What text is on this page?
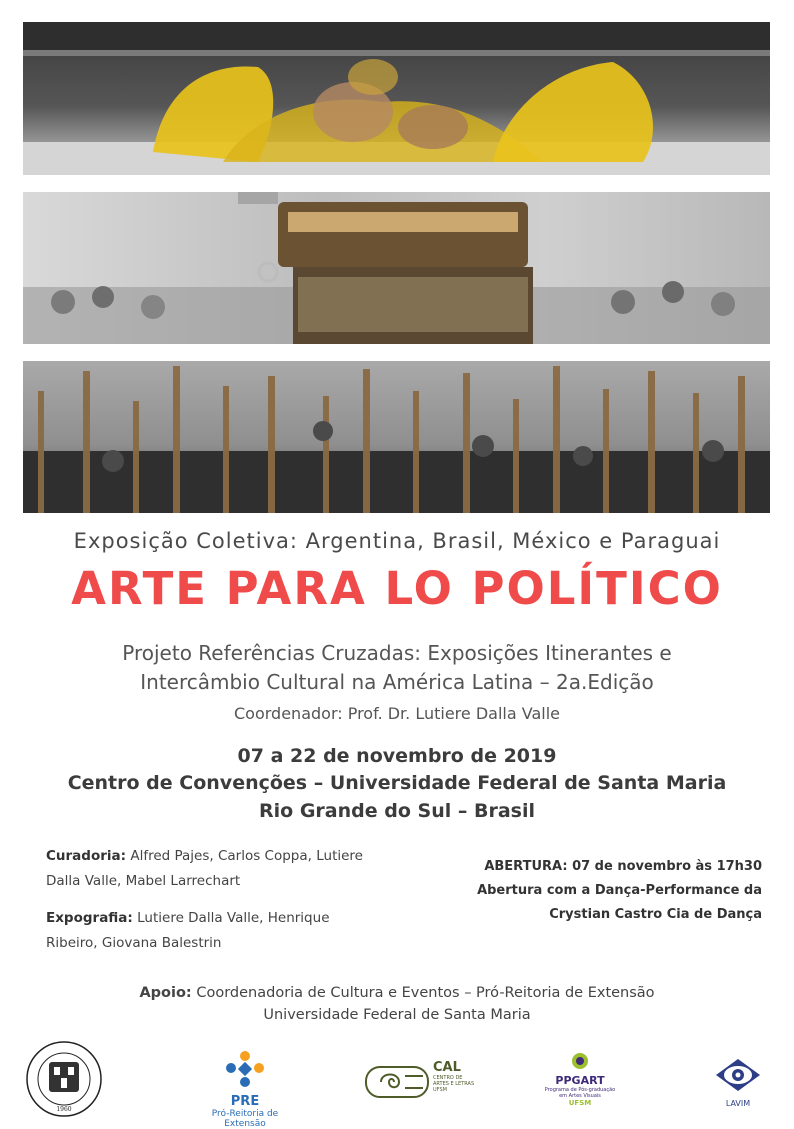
Exposição Coletiva: Argentina, Brasil, México e Paraguai
ARTE PARA LO POLÍTICO
Projeto Referências Cruzadas: Exposições Itinerantes e
Intercâmbio Cultural na América Latina – 2a.Edição
Coordenador: Prof. Dr. Lutiere Dalla Valle
07 a 22 de novembro de 2019
Centro de Convenções – Universidade Federal de Santa Maria
Rio Grande do Sul – Brasil
Curadoria: Alfred Pajes, Carlos Coppa, Lutiere Dalla Valle, Mabel Larrechart
Expografia: Lutiere Dalla Valle, Henrique Ribeiro, Giovana Balestrin
ABERTURA: 07 de novembro às 17h30
Abertura com a Dança-Performance da
Crystian Castro Cia de Dança
Apoio: Coordenadoria de Cultura e Eventos – Pró-Reitoria de Extensão
Universidade Federal de Santa Maria
1960
PRE
Pró-Reitoria de Extensão
CAL
CENTRO DE
ARTES E LETRAS
UFSM
PPGART
Programa de Pós-graduação
em Artes Visuais
UFSM	LAVIM
